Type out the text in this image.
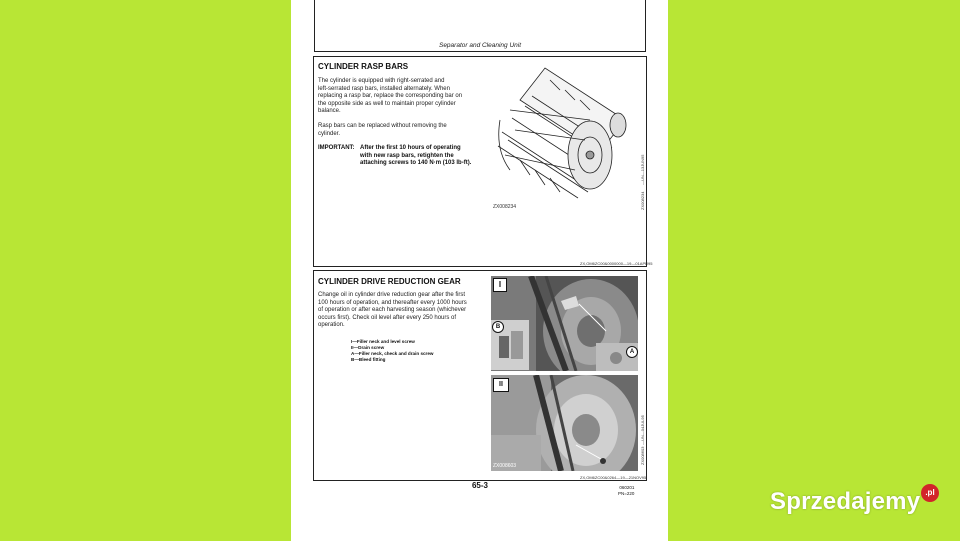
Separator and Cleaning Unit
CYLINDER RASP BARS
The cylinder is equipped with right-serrated and
left-serrated rasp bars, installed alternately. When
replacing a rasp bar, replace the corresponding bar on
the opposite side as well to maintain proper cylinder
balance.
Rasp bars can be replaced without removing the
cylinder.
IMPORTANT: After the first 10 hours of operating
with new rasp bars, retighten the
attaching screws to 140 N·m (103 lb-ft).
ZX008234	ZX008234
—UN—13JUN95
ZX,OM6ZC00&0000000—19—01APR95
CYLINDER DRIVE REDUCTION GEAR
Change oil in cylinder drive reduction gear after the first
100 hours of operation, and thereafter every 1000 hours
of operation or after each harvesting season (whichever
occurs first). Check oil level after every 250 hours of
operation.
I—Filler neck and level screw
II—Drain screw
A—Filler neck, check and drain screw
B—Bleed fitting
I
B
A
II
ZX008603
ZX008603
—UN—04JUL95
ZX,OM6ZC00&0264—19—21NOV95
65-3	060201
PN=220	Sprzedajemy .pl
